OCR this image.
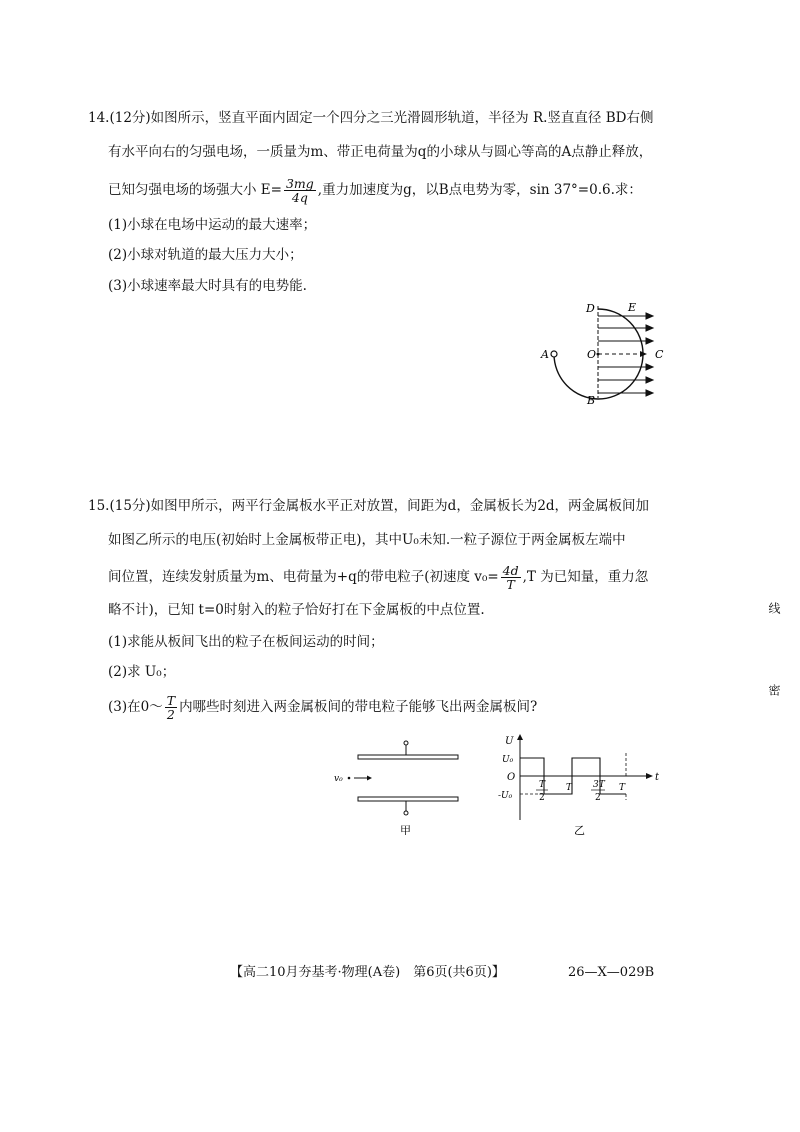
14.(12分)如图所示，竖直平面内固定一个四分之三光滑圆形轨道，半径为 R.竖直直径 BD右侧
有水平向右的匀强电场，一质量为m、带正电荷量为q的小球从与圆心等高的A点静止释放，
已知匀强电场的场强大小 $E= \frac{3mg}{4q}$ ,重力加速度为g，以B点电势为零，sin 37°=0.6.求：
(1)小球在电场中运动的最大速率；
(2)小球对轨道的最大压力大小；
(3)小球速率最大时具有的电势能.
D	E
A	O	C
B
15.(15分)如图甲所示，两平行金属板水平正对放置，间距为d，金属板长为2d，两金属板间加
如图乙所示的电压(初始时上金属板带正电)，其中U₀未知.一粒子源位于两金属板左端中
间位置，连续发射质量为m、电荷量为+q的带电粒子(初速度 $v_0= \frac{4d}{T} ,T$ 为已知量，重力忽
略不计)，已知 t=0时射入的粒子恰好打在下金属板的中点位置.
(1)求能从板间飞出的粒子在板间运动的时间；
(2)求 U₀；
(3)在0～ $\frac{T}{2}$ 内哪些时刻进入两金属板间的带电粒子能够飞出两金属板间?
v₀
甲
U
t
O
U₀
-U₀
T
2
T 3T
2
T
乙
线
密
【高二10月夯基考·物理(A卷)　第6页(共6页)】	26—X—029B
